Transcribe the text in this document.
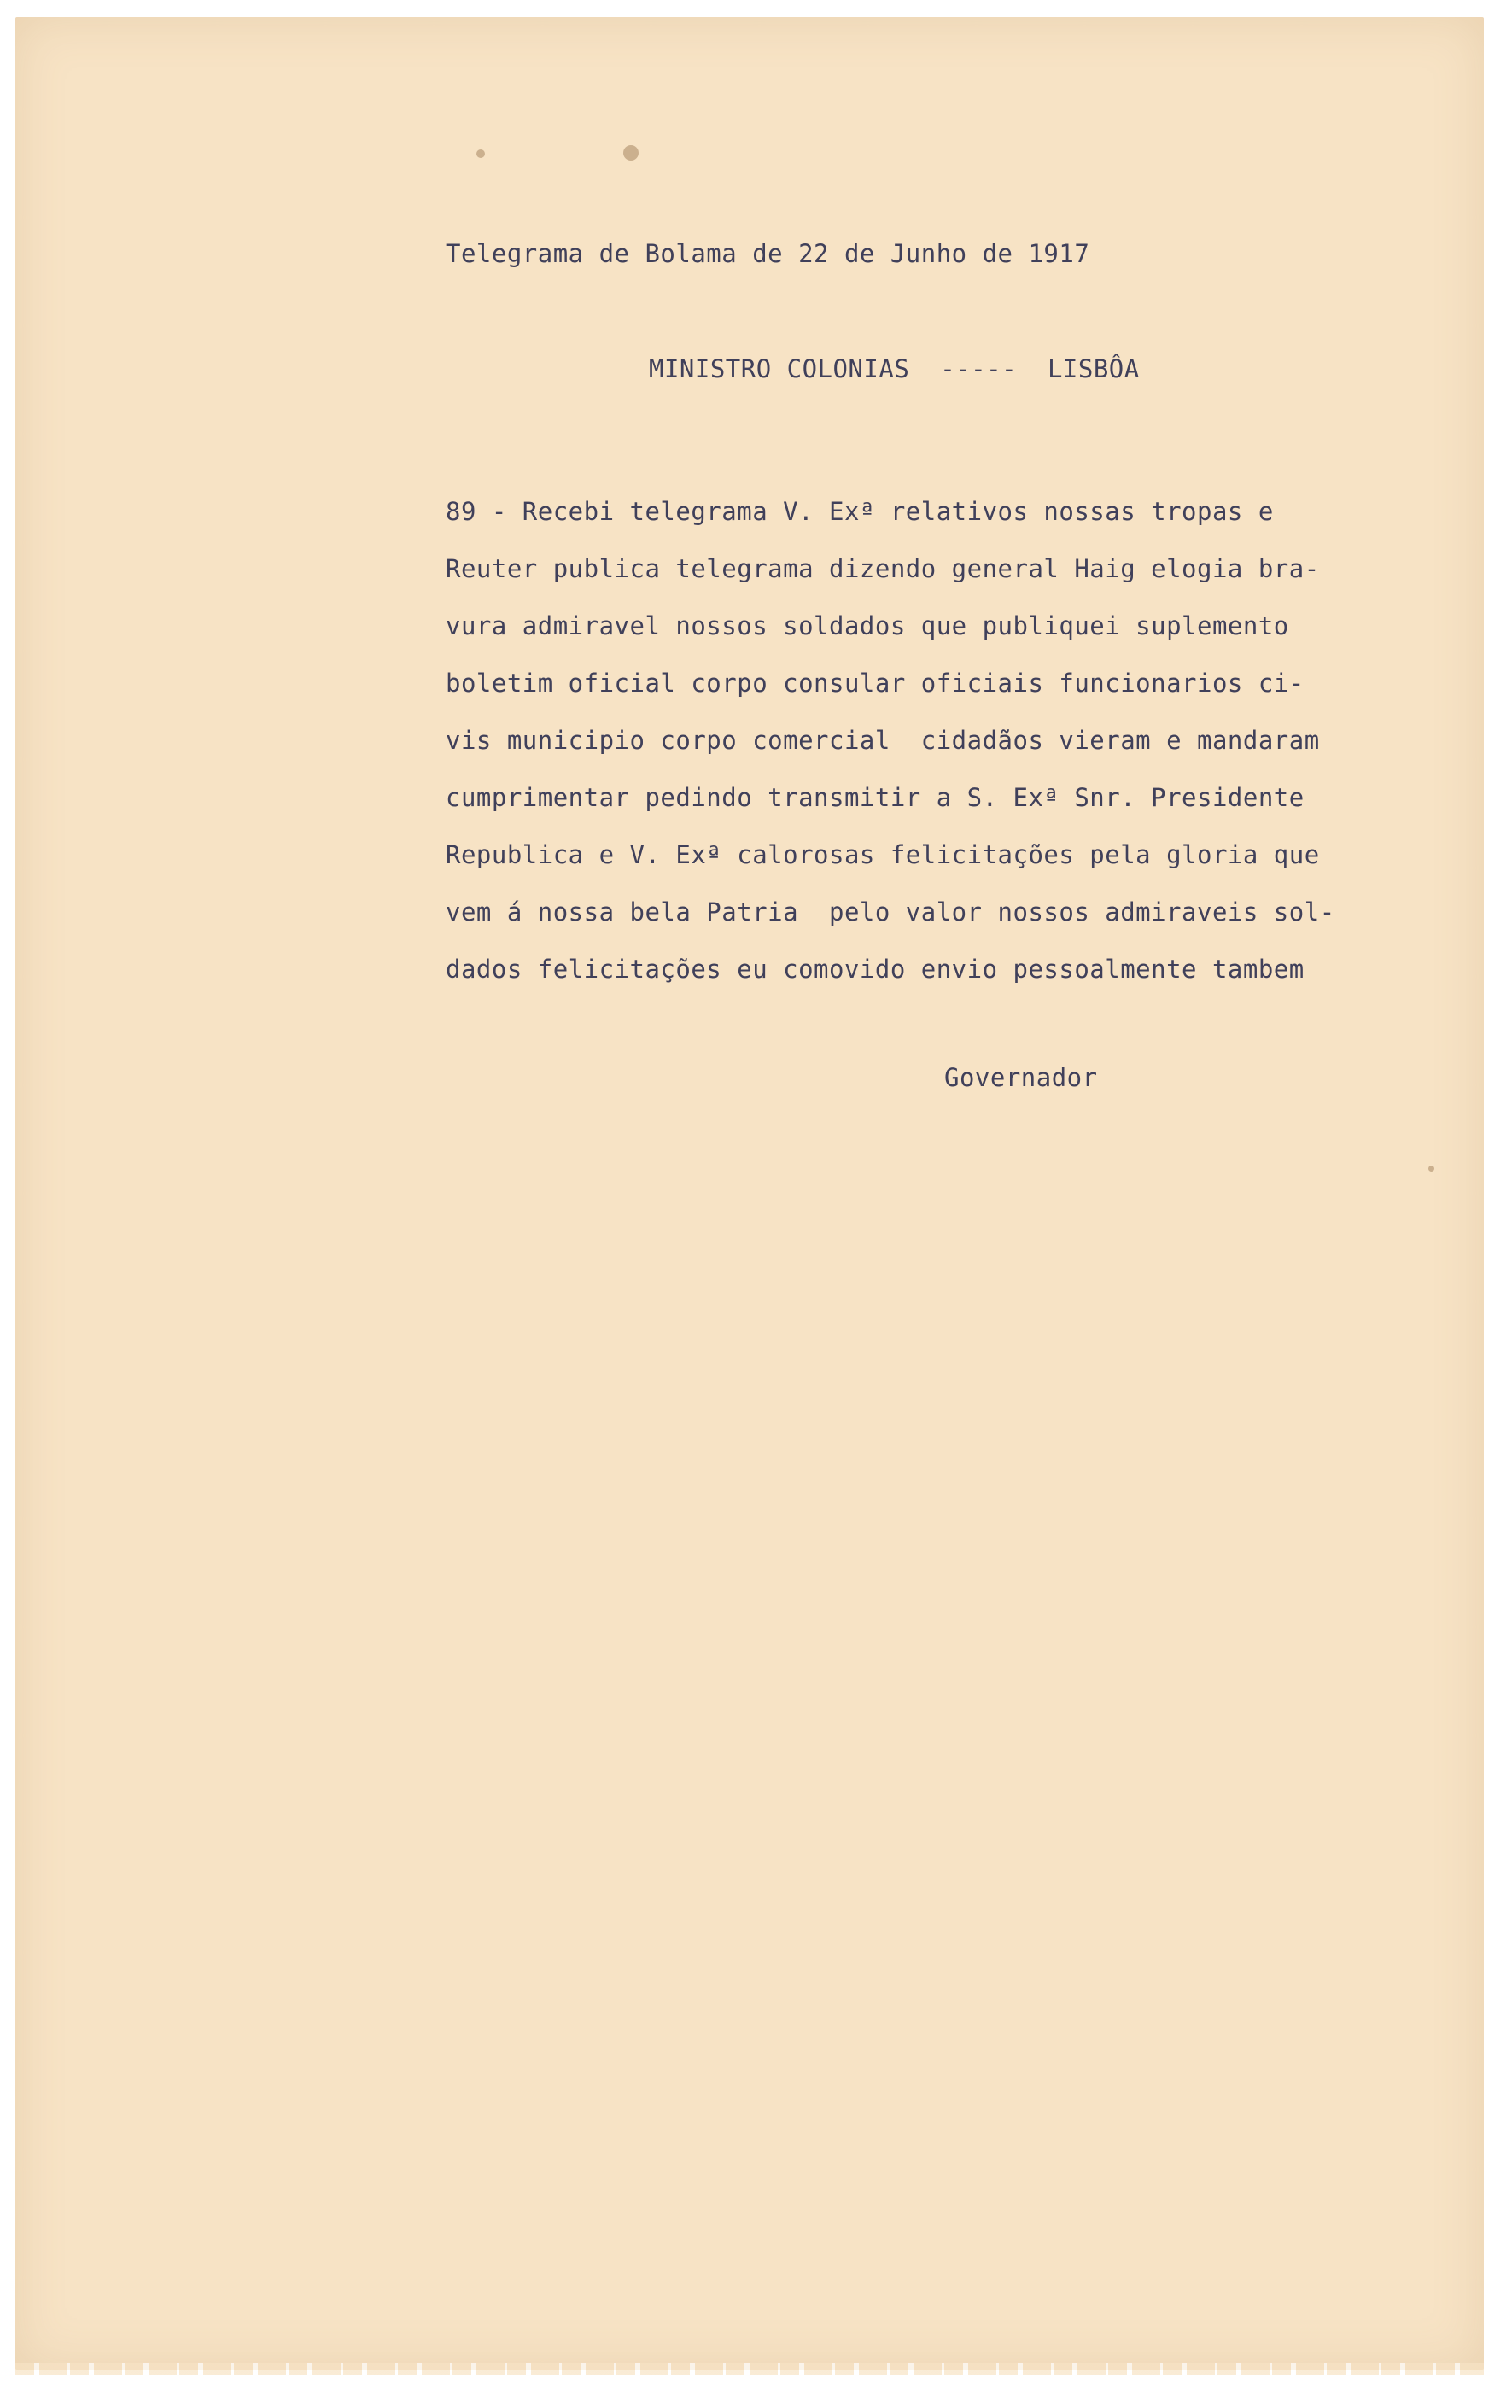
Telegrama de Bolama de 22 de Junho de 1917

MINISTRO COLONIAS  -----  LISBÔA

89 - Recebi telegrama V. Exª relativos nossas tropas e

Reuter publica telegrama dizendo general Haig elogia bra-

vura admiravel nossos soldados que publiquei suplemento

boletim oficial corpo consular oficiais funcionarios ci-

vis municipio corpo comercial  cidadãos vieram e mandaram

cumprimentar pedindo transmitir a S. Exª Snr. Presidente

Republica e V. Exª calorosas felicitações pela gloria que

vem á nossa bela Patria  pelo valor nossos admiraveis sol-

dados felicitações eu comovido envio pessoalmente tambem

Governador
